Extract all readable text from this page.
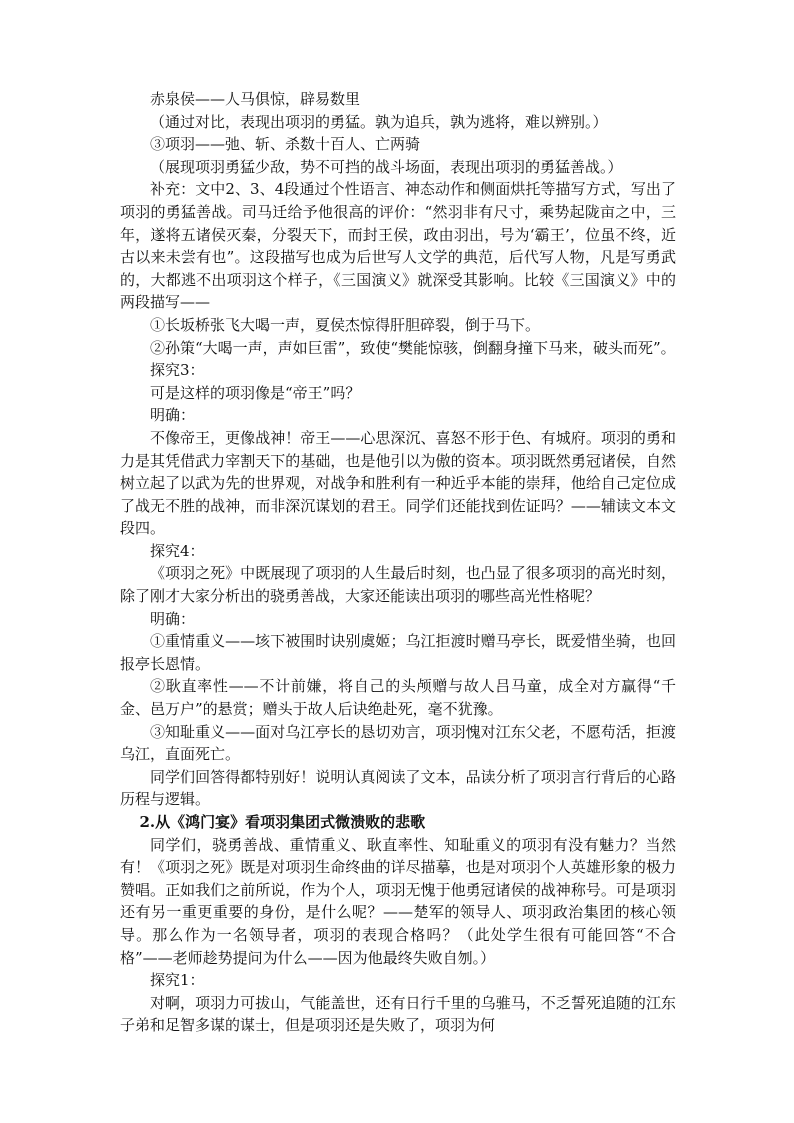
赤泉侯——人马俱惊，辟易数里

（通过对比，表现出项羽的勇猛。孰为追兵，孰为逃将，难以辨别。）

③项羽——弛、斩、杀数十百人、亡两骑

（展现项羽勇猛少敌，势不可挡的战斗场面，表现出项羽的勇猛善战。）

补充：文中2、3、4段通过个性语言、神态动作和侧面烘托等描写方式，写出了项羽的勇猛善战。司马迁给予他很高的评价：“然羽非有尺寸，乘势起陇亩之中，三年，遂将五诸侯灭秦，分裂天下，而封王侯，政由羽出，号为‘霸王’，位虽不终，近古以来未尝有也”。这段描写也成为后世写人文学的典范，后代写人物，凡是写勇武的，大都逃不出项羽这个样子，《三国演义》就深受其影响。比较《三国演义》中的两段描写——

①长坂桥张飞大喝一声，夏侯杰惊得肝胆碎裂，倒于马下。

②孙策“大喝一声，声如巨雷”，致使“樊能惊骇，倒翻身撞下马来，破头而死”。

探究3：

可是这样的项羽像是“帝王”吗？

明确：

不像帝王，更像战神！帝王——心思深沉、喜怒不形于色、有城府。项羽的勇和力是其凭借武力宰割天下的基础，也是他引以为傲的资本。项羽既然勇冠诸侯，自然树立起了以武为先的世界观，对战争和胜利有一种近乎本能的崇拜，他给自己定位成了战无不胜的战神，而非深沉谋划的君王。同学们还能找到佐证吗？——辅读文本文段四。

探究4：

《项羽之死》中既展现了项羽的人生最后时刻，也凸显了很多项羽的高光时刻，除了刚才大家分析出的骁勇善战，大家还能读出项羽的哪些高光性格呢？

明确：

①重情重义——垓下被围时诀别虞姬；乌江拒渡时赠马亭长，既爱惜坐骑，也回报亭长恩情。

②耿直率性——不计前嫌，将自己的头颅赠与故人吕马童，成全对方赢得“千金、邑万户”的悬赏；赠头于故人后诀绝赴死，毫不犹豫。

③知耻重义——面对乌江亭长的恳切劝言，项羽愧对江东父老，不愿苟活，拒渡乌江，直面死亡。

同学们回答得都特别好！说明认真阅读了文本，品读分析了项羽言行背后的心路历程与逻辑。

2.从《鸿门宴》看项羽集团式微溃败的悲歌

同学们，骁勇善战、重情重义、耿直率性、知耻重义的项羽有没有魅力？当然有！《项羽之死》既是对项羽生命终曲的详尽描摹，也是对项羽个人英雄形象的极力赞唱。正如我们之前所说，作为个人，项羽无愧于他勇冠诸侯的战神称号。可是项羽还有另一重更重要的身份，是什么呢？——楚军的领导人、项羽政治集团的核心领导。那么作为一名领导者，项羽的表现合格吗？（此处学生很有可能回答“不合格”——老师趁势提问为什么——因为他最终失败自刎。）

探究1：

对啊，项羽力可拔山，气能盖世，还有日行千里的乌骓马，不乏誓死追随的江东子弟和足智多谋的谋士，但是项羽还是失败了，项羽为何
